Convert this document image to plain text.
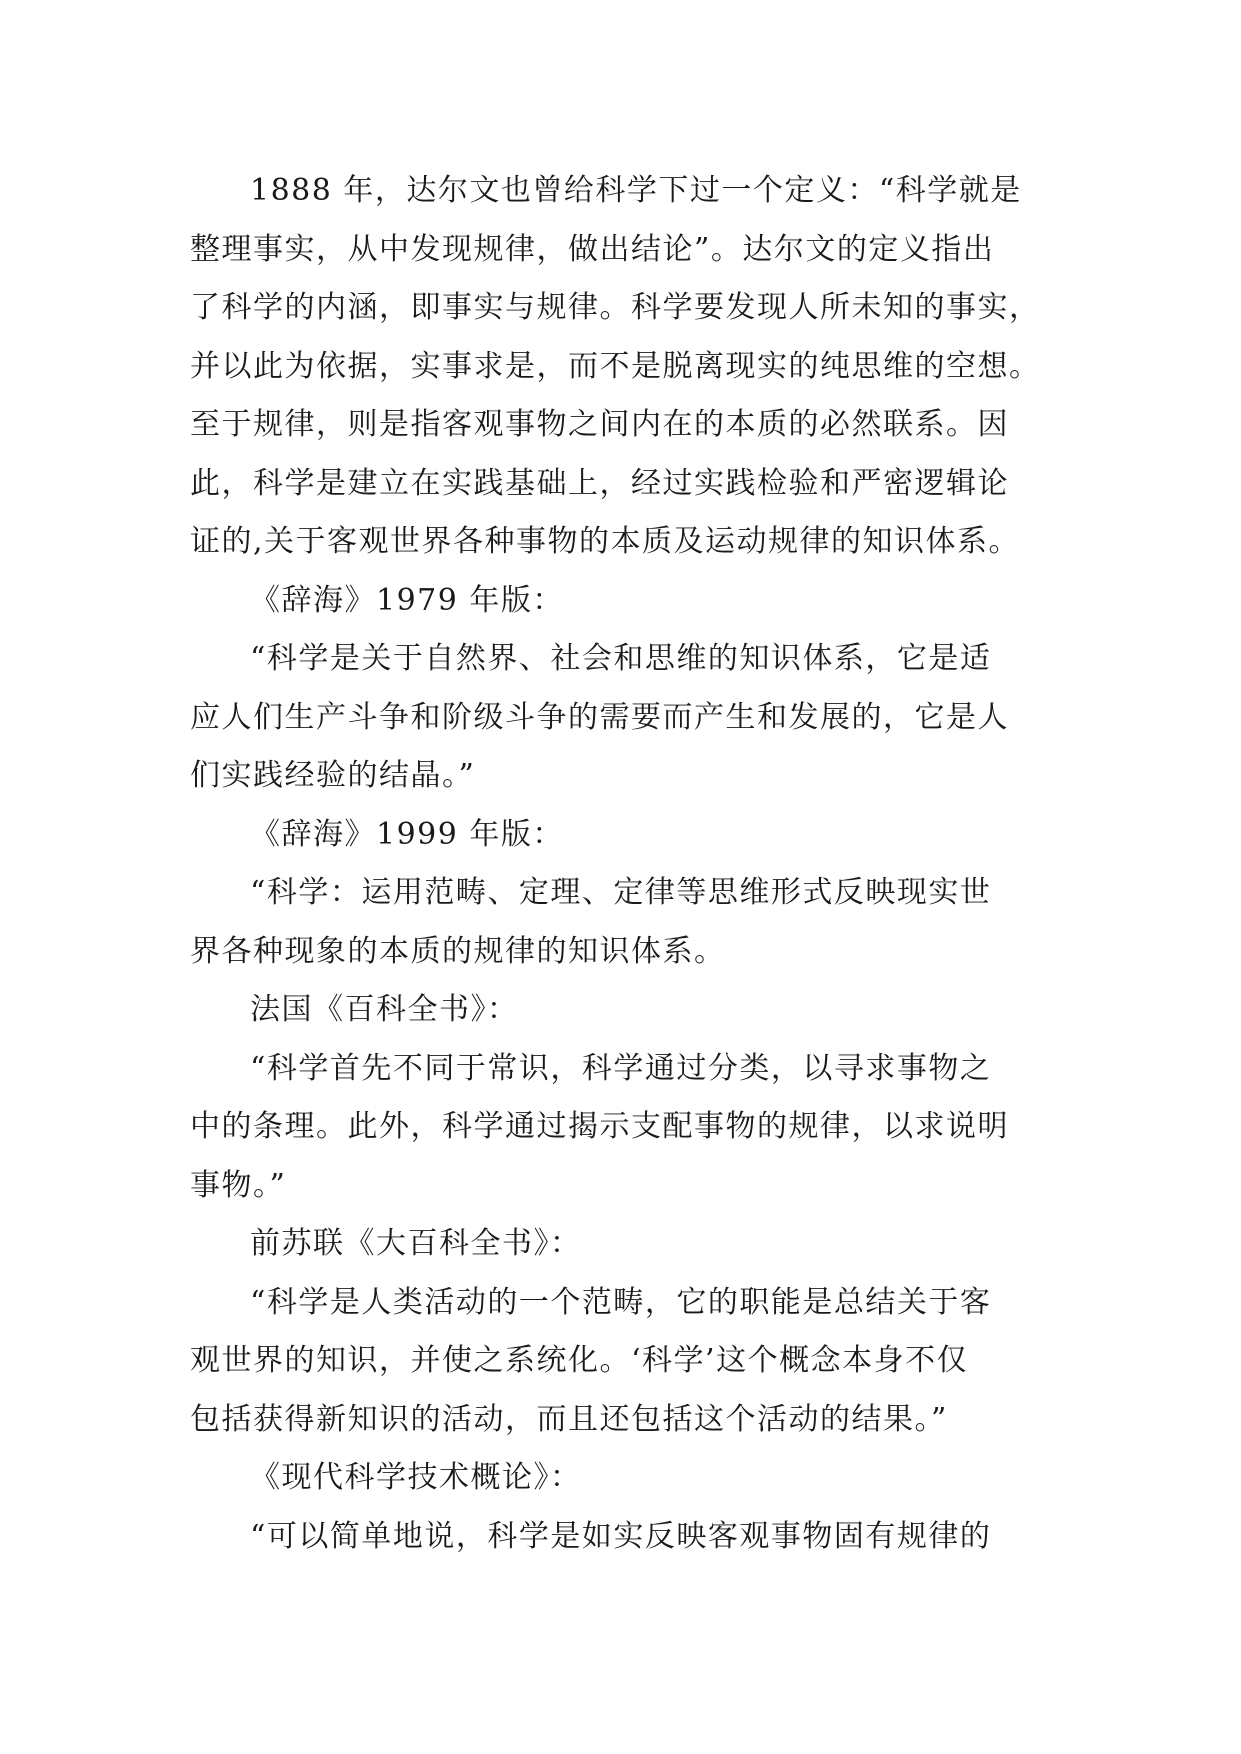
1888 年，达尔文也曾给科学下过一个定义：“科学就是
整理事实，从中发现规律，做出结论”。达尔文的定义指出
了科学的内涵，即事实与规律。科学要发现人所未知的事实，
并以此为依据，实事求是，而不是脱离现实的纯思维的空想。
至于规律，则是指客观事物之间内在的本质的必然联系。因
此，科学是建立在实践基础上，经过实践检验和严密逻辑论
证的,关于客观世界各种事物的本质及运动规律的知识体系。
《辞海》1979 年版：
“科学是关于自然界、社会和思维的知识体系，它是适
应人们生产斗争和阶级斗争的需要而产生和发展的，它是人
们实践经验的结晶。”
《辞海》1999 年版：
“科学：运用范畴、定理、定律等思维形式反映现实世
界各种现象的本质的规律的知识体系。
法国《百科全书》：
“科学首先不同于常识，科学通过分类，以寻求事物之
中的条理。此外，科学通过揭示支配事物的规律，以求说明
事物。”
前苏联《大百科全书》：
“科学是人类活动的一个范畴，它的职能是总结关于客
观世界的知识，并使之系统化。‘科学’这个概念本身不仅
包括获得新知识的活动，而且还包括这个活动的结果。”
《现代科学技术概论》：
“可以简单地说，科学是如实反映客观事物固有规律的
